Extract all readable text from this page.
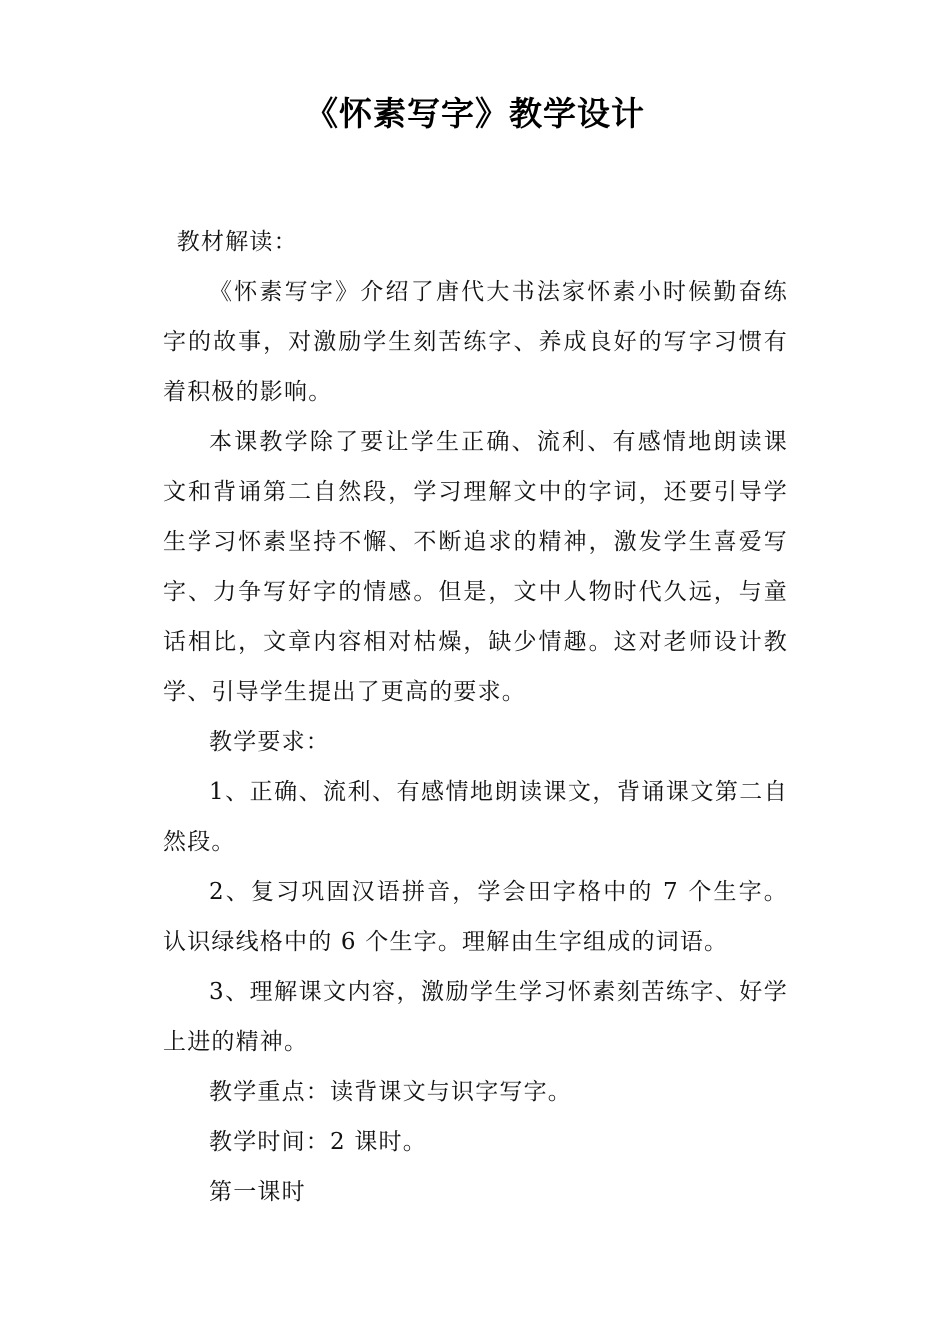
《怀素写字》教学设计

教材解读：

《怀素写字》介绍了唐代大书法家怀素小时候勤奋练字的故事，对激励学生刻苦练字、养成良好的写字习惯有着积极的影响。

本课教学除了要让学生正确、流利、有感情地朗读课文和背诵第二自然段，学习理解文中的字词，还要引导学生学习怀素坚持不懈、不断追求的精神，激发学生喜爱写字、力争写好字的情感。但是，文中人物时代久远，与童话相比，文章内容相对枯燥，缺少情趣。这对老师设计教学、引导学生提出了更高的要求。

教学要求：

1、正确、流利、有感情地朗读课文，背诵课文第二自然段。

2、复习巩固汉语拼音，学会田字格中的 7 个生字。认识绿线格中的 6 个生字。理解由生字组成的词语。

3、理解课文内容，激励学生学习怀素刻苦练字、好学上进的精神。

教学重点：读背课文与识字写字。

教学时间：2 课时。

第一课时
